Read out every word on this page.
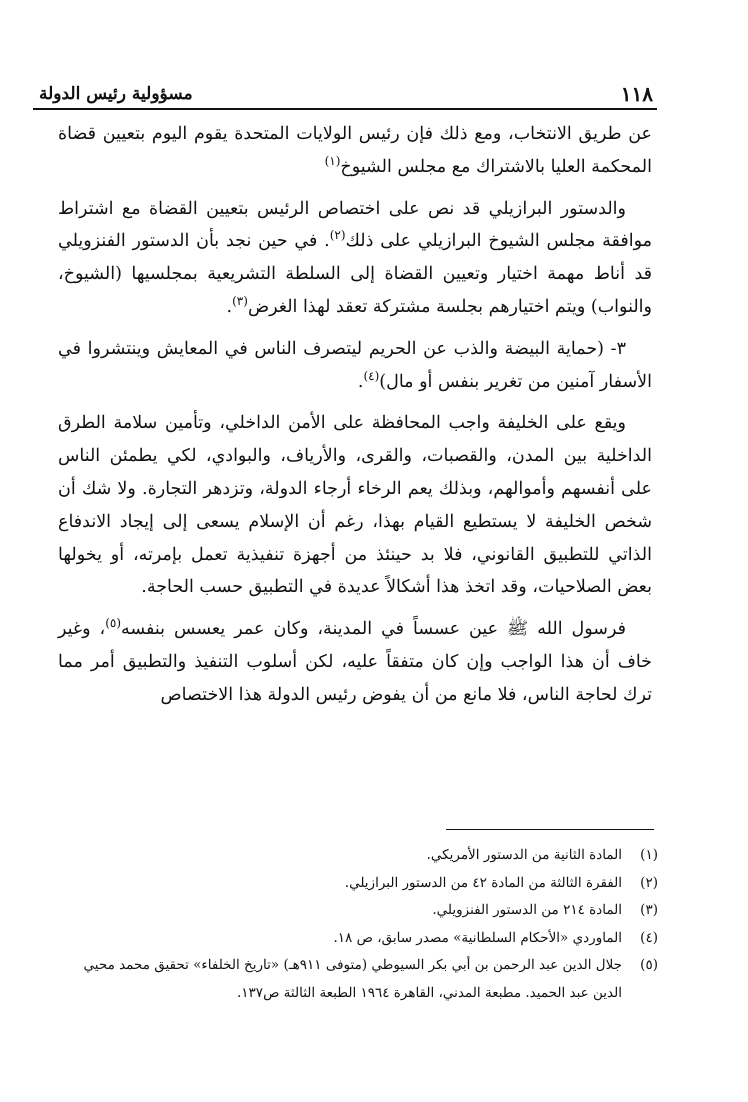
١١٨
مسؤولية رئيس الدولة

عن طريق الانتخاب، ومع ذلك فإن رئيس الولايات المتحدة يقوم اليوم بتعيين قضاة المحكمة العليا بالاشتراك مع مجلس الشيوخ$^{(١)}$

والدستور البرازيلي قد نص على اختصاص الرئيس بتعيين القضاة مع اشتراط موافقة مجلس الشيوخ البرازيلي على ذلك$^{(٢)}$. في حين نجد بأن الدستور الفنزويلي قد أناط مهمة اختيار وتعيين القضاة إلى السلطة التشريعية بمجلسيها (الشيوخ، والنواب) ويتم اختيارهم بجلسة مشتركة تعقد لهذا الغرض$^{(٣)}$.

٣- (حماية البيضة والذب عن الحريم ليتصرف الناس في المعايش وينتشروا في الأسفار آمنين من تغرير بنفس أو مال)$^{(٤)}$.

ويقع على الخليفة واجب المحافظة على الأمن الداخلي، وتأمين سلامة الطرق الداخلية بين المدن، والقصبات، والقرى، والأرياف، والبوادي، لكي يطمئن الناس على أنفسهم وأموالهم، وبذلك يعم الرخاء أرجاء الدولة، وتزدهر التجارة. ولا شك أن شخص الخليفة لا يستطيع القيام بهذا، رغم أن الإسلام يسعى إلى إيجاد الاندفاع الذاتي للتطبيق القانوني، فلا بد حينئذ من أجهزة تنفيذية تعمل بإمرته، أو يخولها بعض الصلاحيات، وقد اتخذ هذا أشكالاً عديدة في التطبيق حسب الحاجة.

فرسول الله ﷺ عين عسساً في المدينة، وكان عمر يعسس بنفسه$^{(٥)}$، وغير خاف أن هذا الواجب وإن كان متفقاً عليه، لكن أسلوب التنفيذ والتطبيق أمر مما ترك لحاجة الناس، فلا مانع من أن يفوض رئيس الدولة هذا الاختصاص

(١)
المادة الثانية من الدستور الأمريكي.
(٢)
الفقرة الثالثة من المادة ٤٢ من الدستور البرازيلي.
(٣)
المادة ٢١٤ من الدستور الفنزويلي.
(٤)
الماوردي «الأحكام السلطانية» مصدر سابق، ص ١٨.
(٥)
جلال الدين عبد الرحمن بن أبي بكر السيوطي (متوفى ٩١١هـ) «تاريخ الخلفاء» تحقيق محمد محيي الدين عبد الحميد. مطبعة المدني، القاهرة ١٩٦٤ الطبعة الثالثة ص١٣٧.
